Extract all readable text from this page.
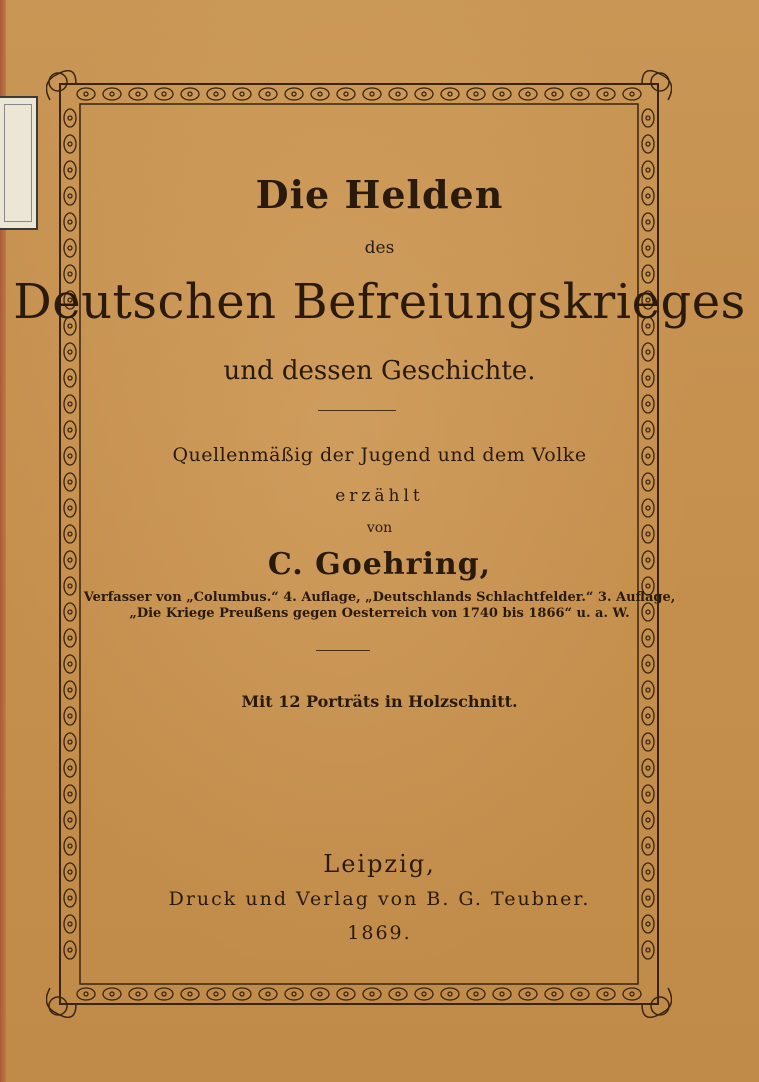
Die Helden
des
Deutschen Befreiungskrieges
und dessen Geschichte.
Quellenmäßig der Jugend und dem Volke
erzählt
von
C. Goehring,
Verfasser von „Columbus.“ 4. Auflage, „Deutschlands Schlachtfelder.“ 3. Auflage,
„Die Kriege Preußens gegen Oesterreich von 1740 bis 1866“ u. a. W.
Mit 12 Porträts in Holzschnitt.
Leipzig,
Druck und Verlag von B. G. Teubner.
1869.
